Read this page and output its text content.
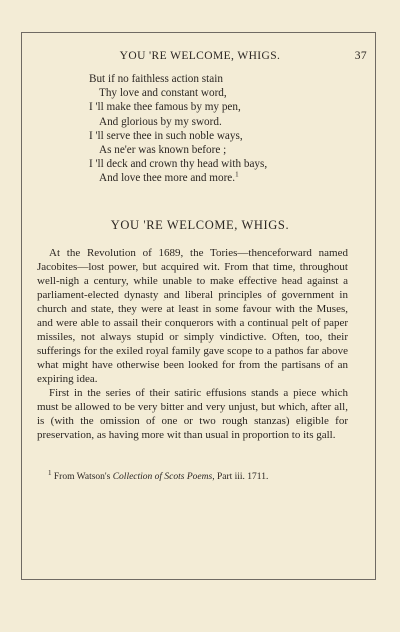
YOU 'RE WELCOME, WHIGS.	37
But if no faithless action stain
Thy love and constant word,
I 'll make thee famous by my pen,
And glorious by my sword.
I 'll serve thee in such noble ways,
As ne'er was known before ;
I 'll deck and crown thy head with bays,
And love thee more and more.$^1$
YOU 'RE WELCOME, WHIGS.

At the Revolution of 1689, the Tories—thenceforward named Jacobites—lost power, but acquired wit. From that time, throughout well-nigh a century, while unable to make effective head against a parliament-elected dynasty and liberal principles of government in church and state, they were at least in some favour with the Muses, and were able to assail their conquerors with a continual pelt of paper missiles, not always stupid or simply vindictive. Often, too, their sufferings for the exiled royal family gave scope to a pathos far above what might have otherwise been looked for from the partisans of an expiring idea.

First in the series of their satiric effusions stands a piece which must be allowed to be very bitter and very unjust, but which, after all, is (with the omission of one or two rough stanzas) eligible for preservation, as having more wit than usual in proportion to its gall.

$^1$ From Watson's Collection of Scots Poems, Part iii. 1711.
